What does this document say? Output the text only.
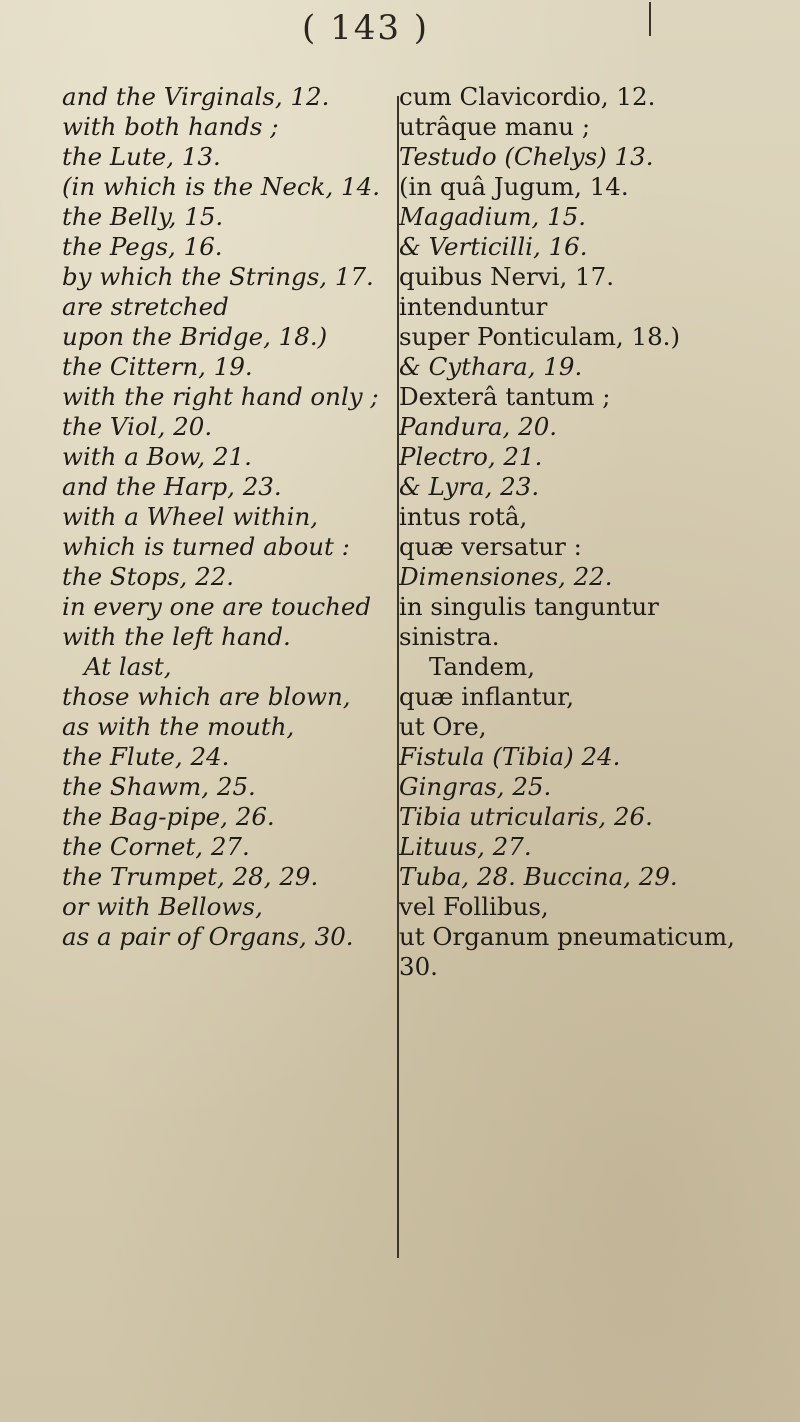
( 143 )
and the Virginals, 12.
with both hands ;
the Lute, 13.
(in which is the Neck, 14.
the Belly, 15.
the Pegs, 16.
by which the Strings, 17.
are stretched
upon the Bridge, 18.)
the Cittern, 19.
with the right hand only ;
the Viol, 20.
with a Bow, 21.
and the Harp, 23.
with a Wheel within,
which is turned about :
the Stops, 22.
in every one are touched
with the left hand.
At last,
those which are blown,
as with the mouth,
the Flute, 24.
the Shawm, 25.
the Bag-pipe, 26.
the Cornet, 27.
the Trumpet, 28, 29.
or with Bellows,
as a pair of Organs, 30.
cum Clavicordio, 12.
utrâque manu ;
Testudo (Chelys) 13.
(in quâ Jugum, 14.
Magadium, 15.
& Verticilli, 16.
quibus Nervi, 17.
intenduntur
super Ponticulam, 18.)
& Cythara, 19.
Dexterâ tantum ;
Pandura, 20.
Plectro, 21.
& Lyra, 23.
intus rotâ,
quæ versatur :
Dimensiones, 22.
in singulis tanguntur
sinistra.
Tandem,
quæ inflantur,
ut Ore,
Fistula (Tibia) 24.
Gingras, 25.
Tibia utricularis, 26.
Lituus, 27.
Tuba, 28. Buccina, 29.
vel Follibus,
ut Organum pneumaticum,
30.
